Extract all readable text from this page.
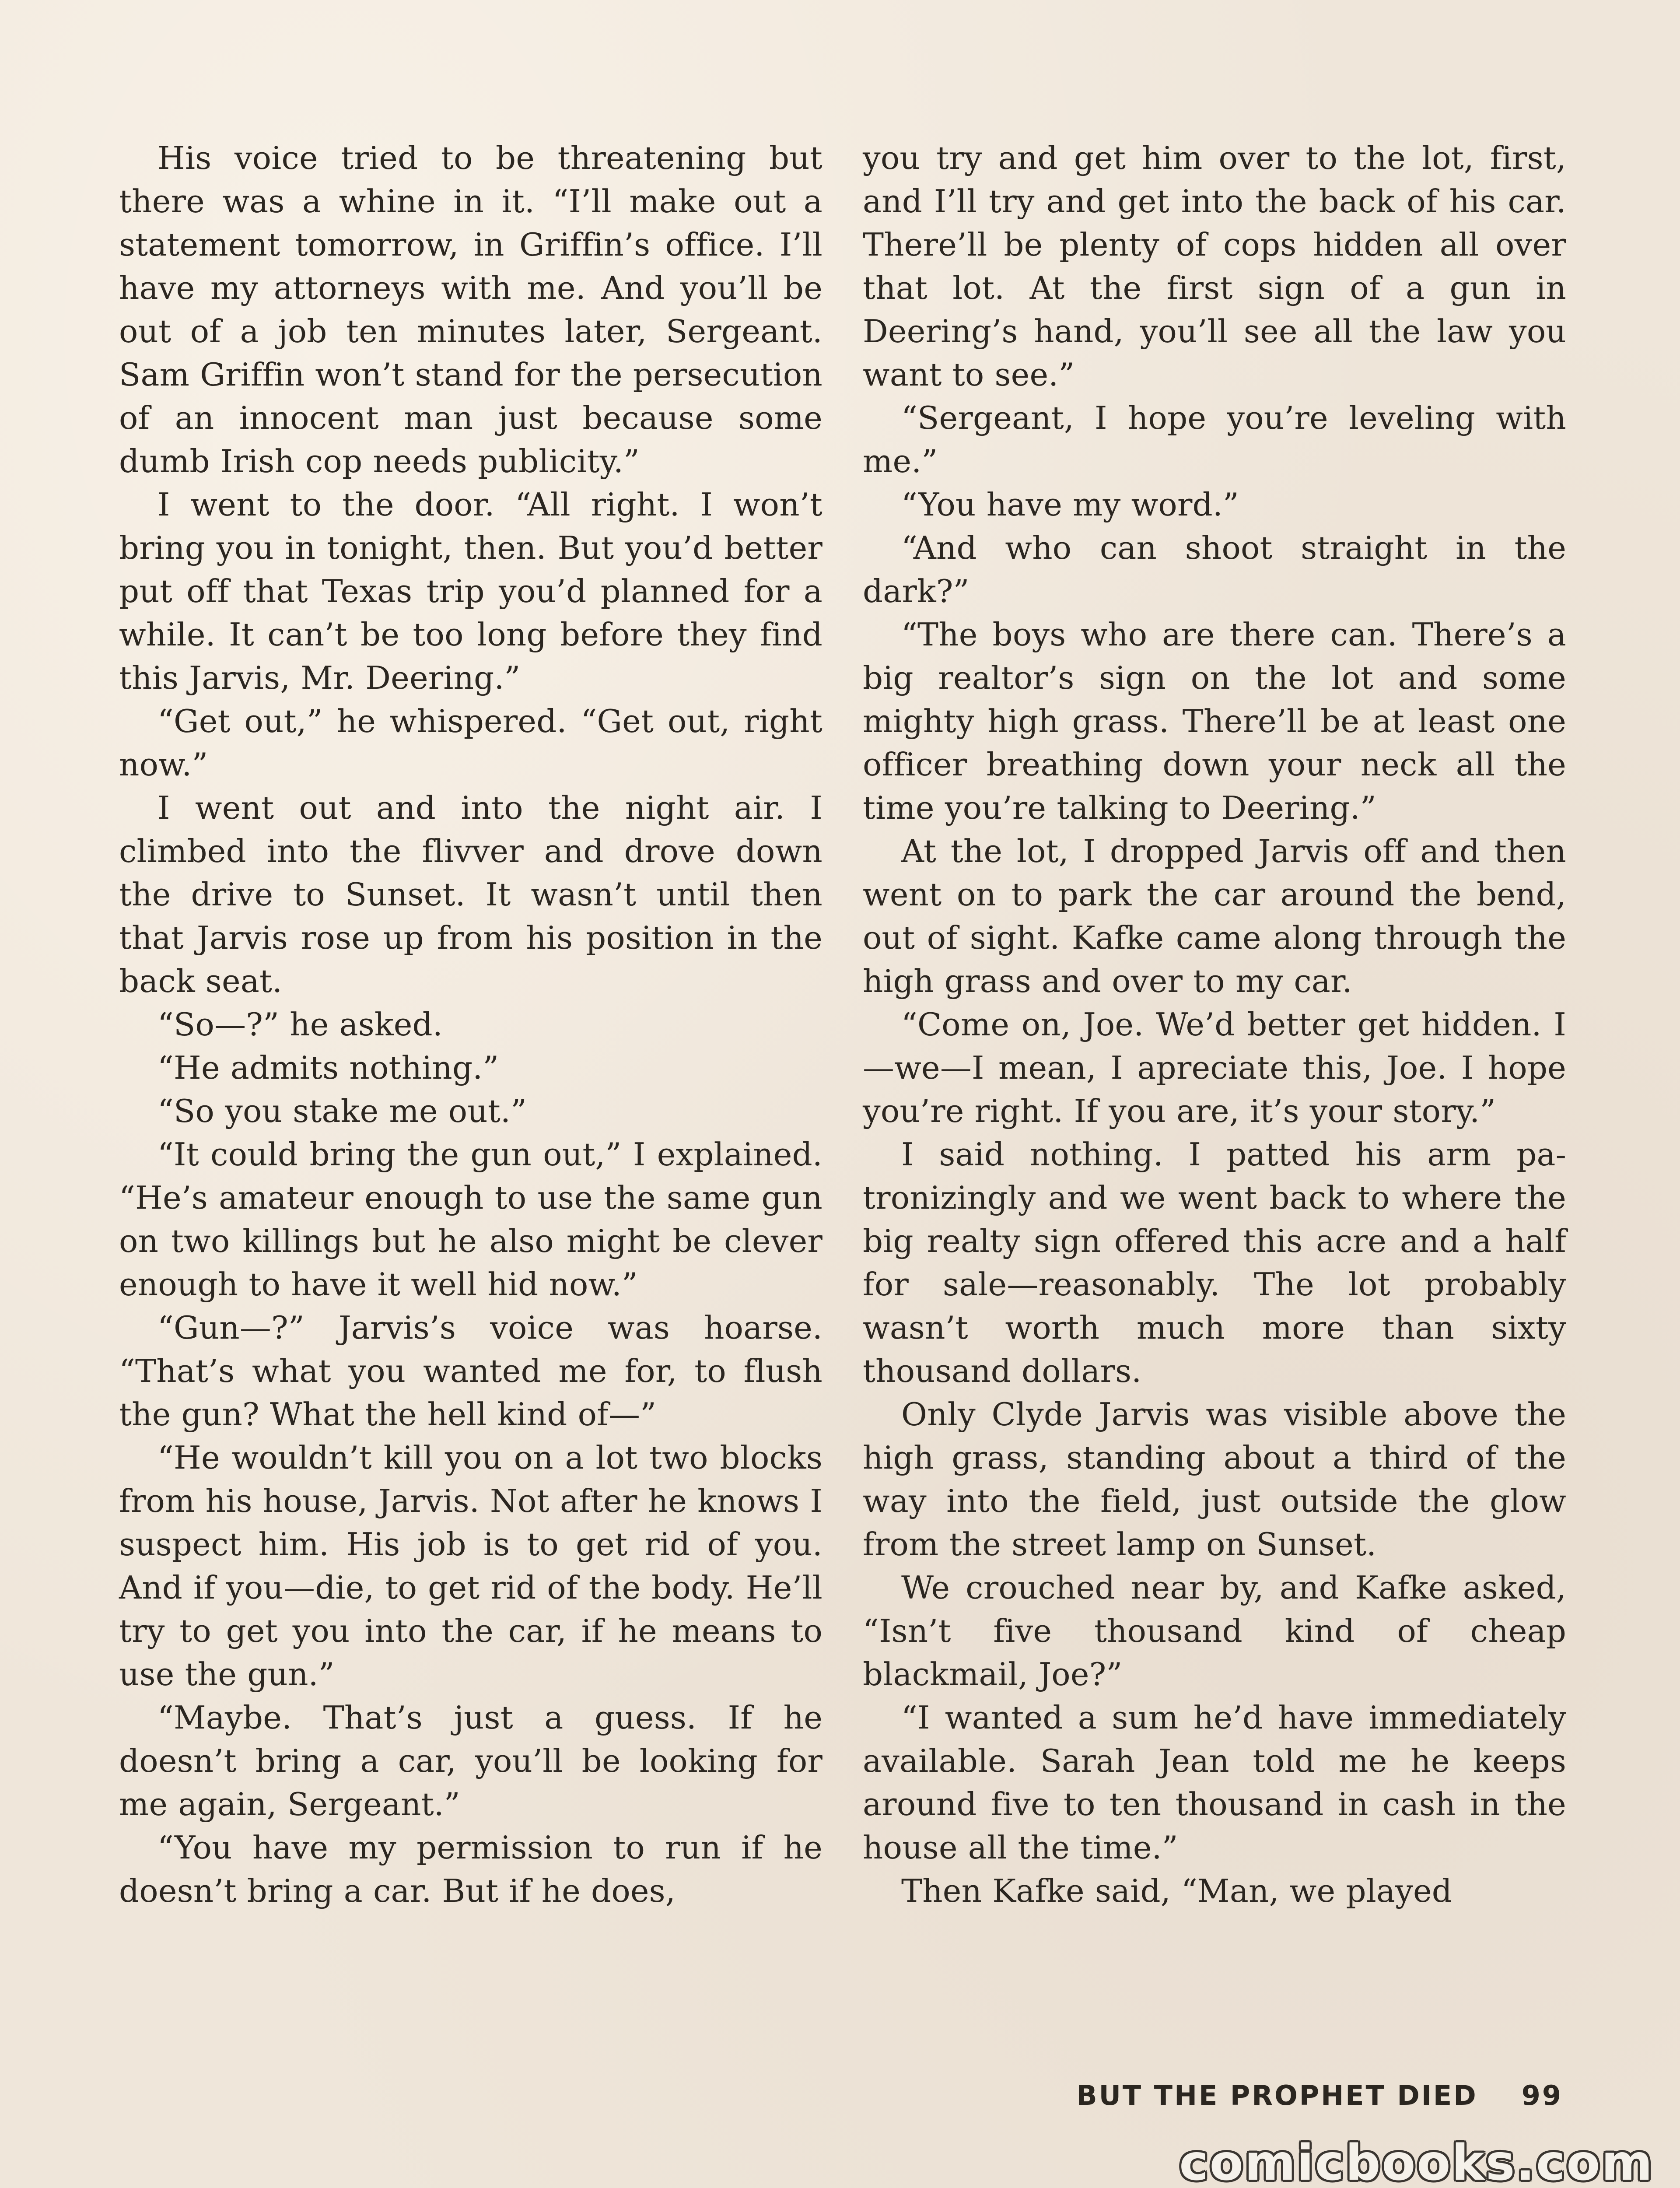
His voice tried to be threatening but there was a whine in it. “I’ll make out a statement tomorrow, in Griffin’s office. I’ll have my attorneys with me. And you’ll be out of a job ten minutes later, Sergeant. Sam Griffin won’t stand for the persecution of an innocent man just because some dumb Irish cop needs publicity.”

I went to the door. “All right. I won’t bring you in tonight, then. But you’d better put off that Texas trip you’d planned for a while. It can’t be too long before they find this Jarvis, Mr. Deering.”

“Get out,” he whispered. “Get out, right now.”

I went out and into the night air. I climbed into the flivver and drove down the drive to Sunset. It wasn’t until then that Jarvis rose up from his position in the back seat.

“So—?” he asked.

“He admits nothing.”

“So you stake me out.”

“It could bring the gun out,” I explained. “He’s amateur enough to use the same gun on two killings but he also might be clever enough to have it well hid now.”

“Gun—?” Jarvis’s voice was hoarse. “That’s what you wanted me for, to flush the gun? What the hell kind of—”

“He wouldn’t kill you on a lot two blocks from his house, Jarvis. Not after he knows I suspect him. His job is to get rid of you. And if you—die, to get rid of the body. He’ll try to get you into the car, if he means to use the gun.”

“Maybe. That’s just a guess. If he doesn’t bring a car, you’ll be looking for me again, Sergeant.”

“You have my permission to run if he doesn’t bring a car. But if he does,

you try and get him over to the lot, first, and I’ll try and get into the back of his car. There’ll be plenty of cops hidden all over that lot. At the first sign of a gun in Deering’s hand, you’ll see all the law you want to see.”

“Sergeant, I hope you’re leveling with me.”

“You have my word.”

“And who can shoot straight in the dark?”

“The boys who are there can. There’s a big realtor’s sign on the lot and some mighty high grass. There’ll be at least one officer breathing down your neck all the time you’re talking to Deering.”

At the lot, I dropped Jarvis off and then went on to park the car around the bend, out of sight. Kafke came along through the high grass and over to my car.

“Come on, Joe. We’d better get hidden. I—we—I mean, I apreciate this, Joe. I hope you’re right. If you are, it’s your story.”

I said nothing. I patted his arm patronizingly and we went back to where the big realty sign offered this acre and a half for sale—reasonably. The lot probably wasn’t worth much more than sixty thousand dollars.

Only Clyde Jarvis was visible above the high grass, standing about a third of the way into the field, just outside the glow from the street lamp on Sunset.

We crouched near by, and Kafke asked, “Isn’t five thousand kind of cheap blackmail, Joe?”

“I wanted a sum he’d have immediately available. Sarah Jean told me he keeps around five to ten thousand in cash in the house all the time.”

Then Kafke said, “Man, we played

BUT THE PROPHET DIED 99
comicbooks.com
